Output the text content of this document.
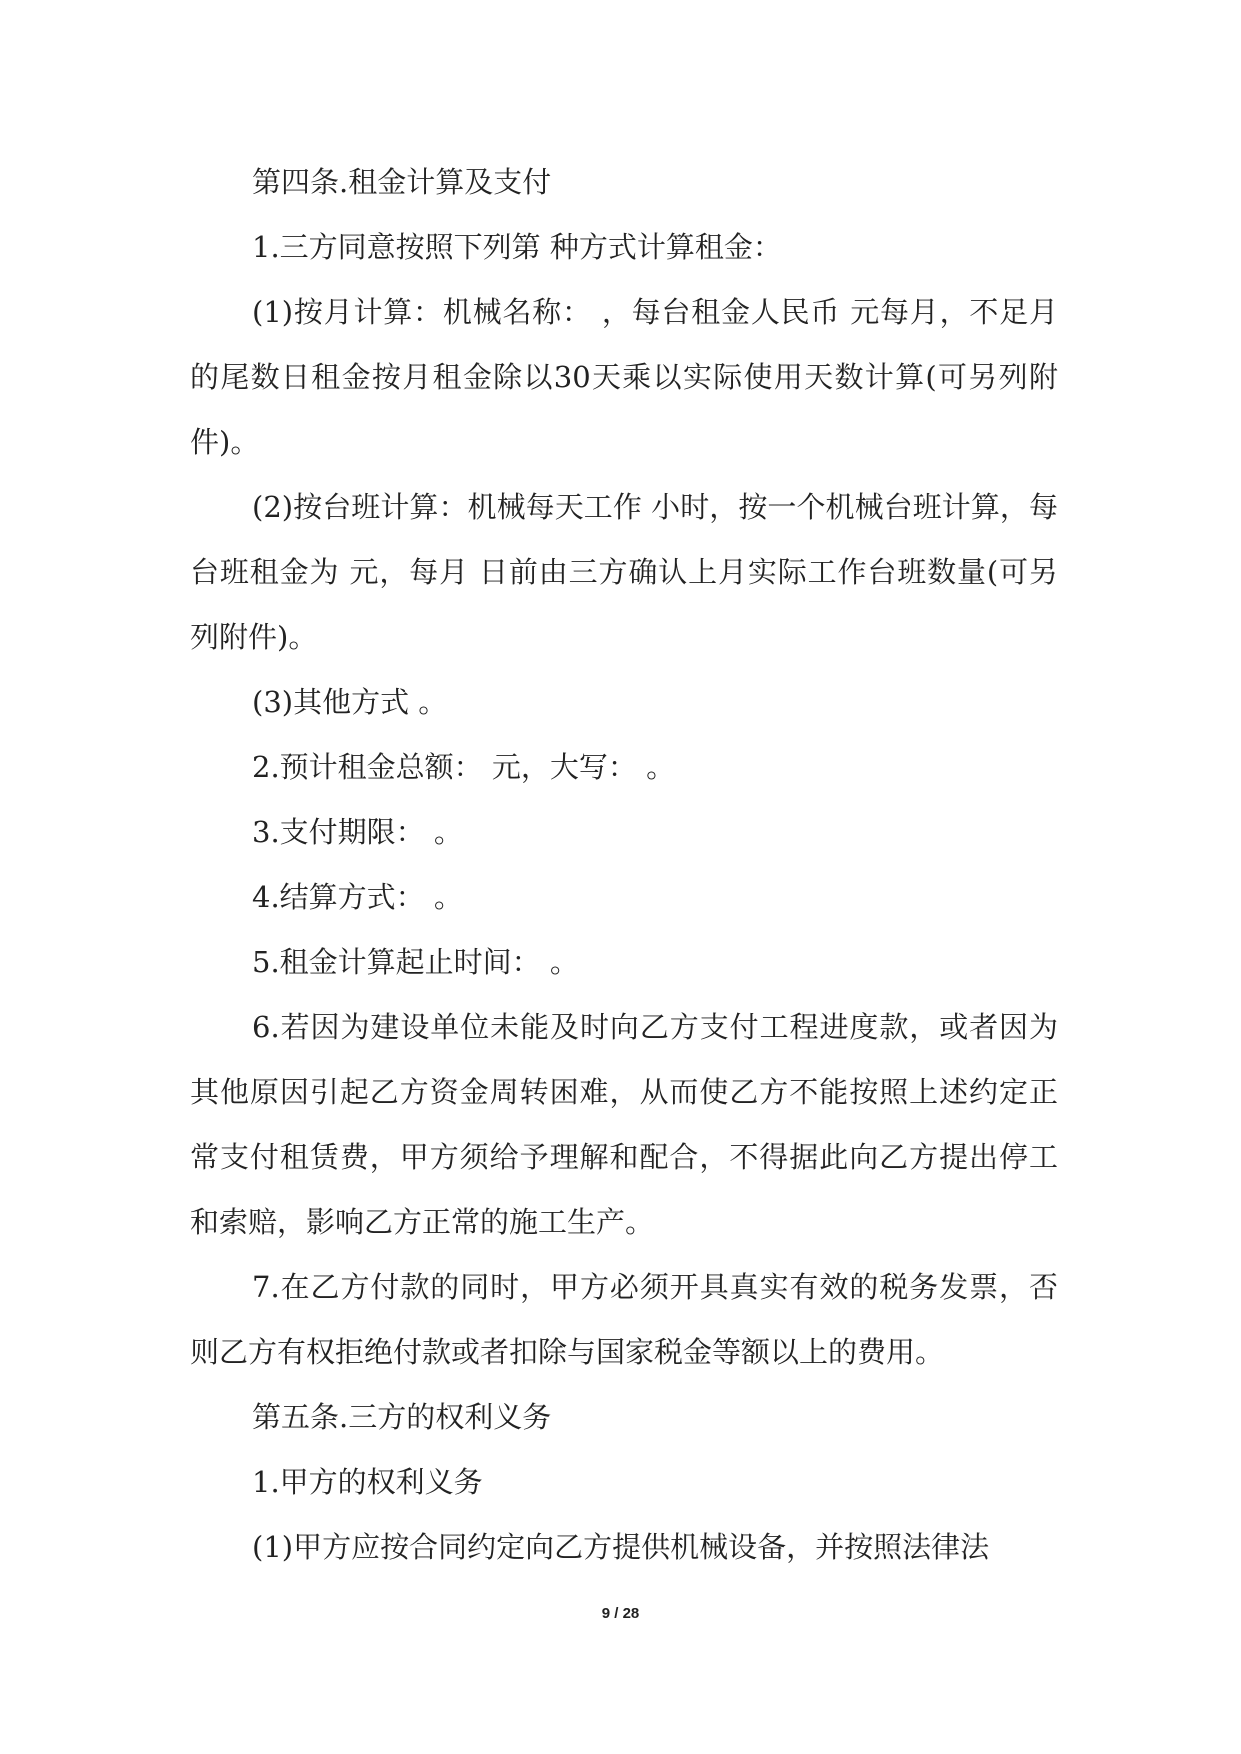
第四条.租金计算及支付

1.三方同意按照下列第 种方式计算租金：

(1)按月计算：机械名称： ，每台租金人民币 元每月，不足月的尾数日租金按月租金除以30天乘以实际使用天数计算(可另列附件)。

(2)按台班计算：机械每天工作 小时，按一个机械台班计算，每台班租金为 元，每月 日前由三方确认上月实际工作台班数量(可另列附件)。

(3)其他方式 。

2.预计租金总额： 元，大写： 。

3.支付期限： 。

4.结算方式： 。

5.租金计算起止时间： 。

6.若因为建设单位未能及时向乙方支付工程进度款，或者因为其他原因引起乙方资金周转困难，从而使乙方不能按照上述约定正常支付租赁费，甲方须给予理解和配合，不得据此向乙方提出停工和索赔，影响乙方正常的施工生产。

7.在乙方付款的同时，甲方必须开具真实有效的税务发票，否则乙方有权拒绝付款或者扣除与国家税金等额以上的费用。

第五条.三方的权利义务

1.甲方的权利义务

(1)甲方应按合同约定向乙方提供机械设备，并按照法律法

9 / 28
